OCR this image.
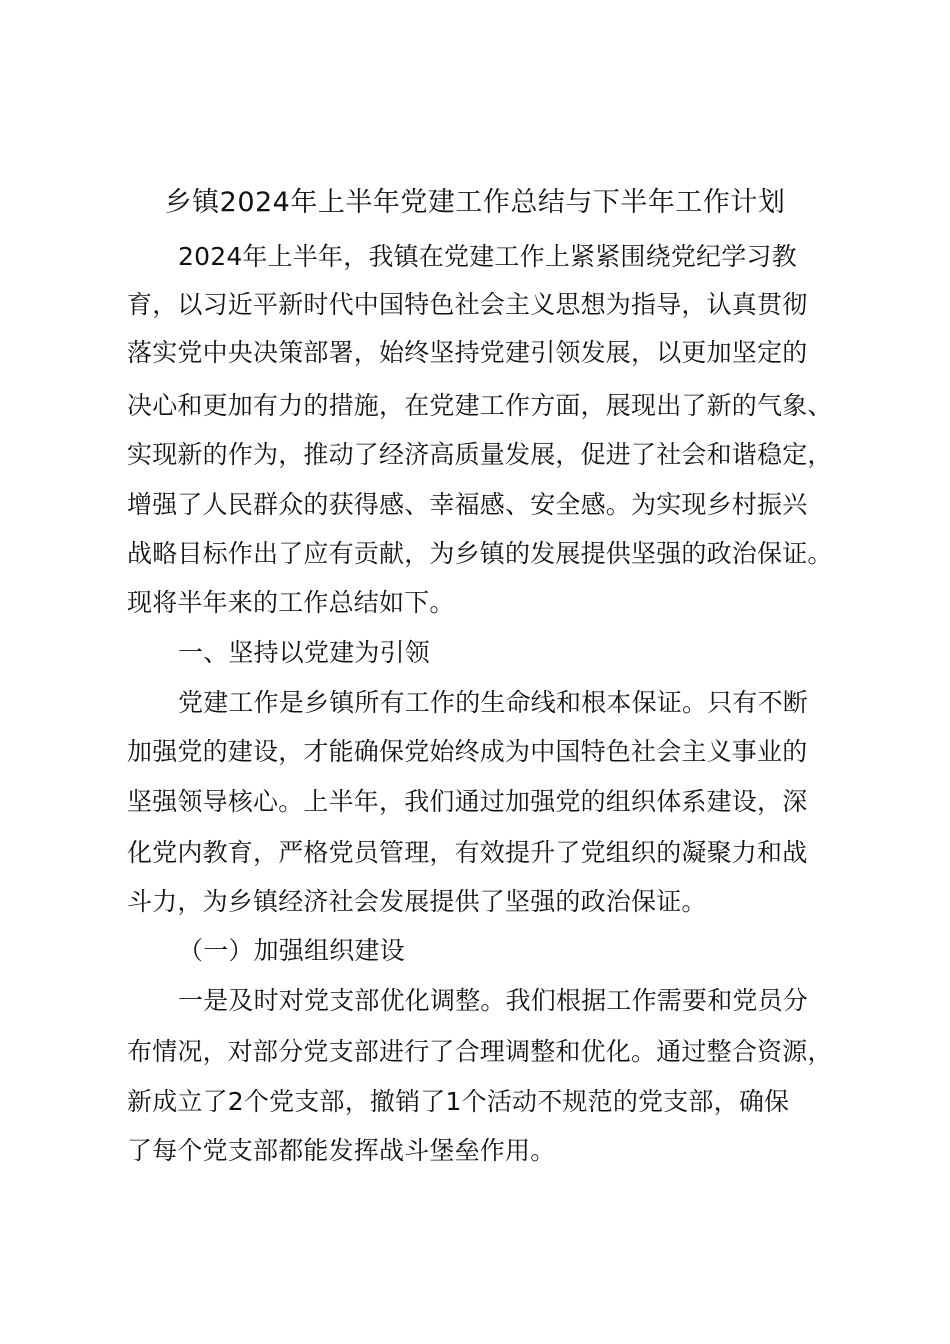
乡镇2024年上半年党建工作总结与下半年工作计划
2024年上半年，我镇在党建工作上紧紧围绕党纪学习教
育，以习近平新时代中国特色社会主义思想为指导，认真贯彻
落实党中央决策部署，始终坚持党建引领发展，以更加坚定的
决心和更加有力的措施，在党建工作方面，展现出了新的气象、
实现新的作为，推动了经济高质量发展，促进了社会和谐稳定，
增强了人民群众的获得感、幸福感、安全感。为实现乡村振兴
战略目标作出了应有贡献，为乡镇的发展提供坚强的政治保证。
现将半年来的工作总结如下。
一、坚持以党建为引领
党建工作是乡镇所有工作的生命线和根本保证。只有不断
加强党的建设，才能确保党始终成为中国特色社会主义事业的
坚强领导核心。上半年，我们通过加强党的组织体系建设，深
化党内教育，严格党员管理，有效提升了党组织的凝聚力和战
斗力，为乡镇经济社会发展提供了坚强的政治保证。
（一）加强组织建设
一是及时对党支部优化调整。我们根据工作需要和党员分
布情况，对部分党支部进行了合理调整和优化。通过整合资源，
新成立了2个党支部，撤销了1个活动不规范的党支部，确保
了每个党支部都能发挥战斗堡垒作用。
